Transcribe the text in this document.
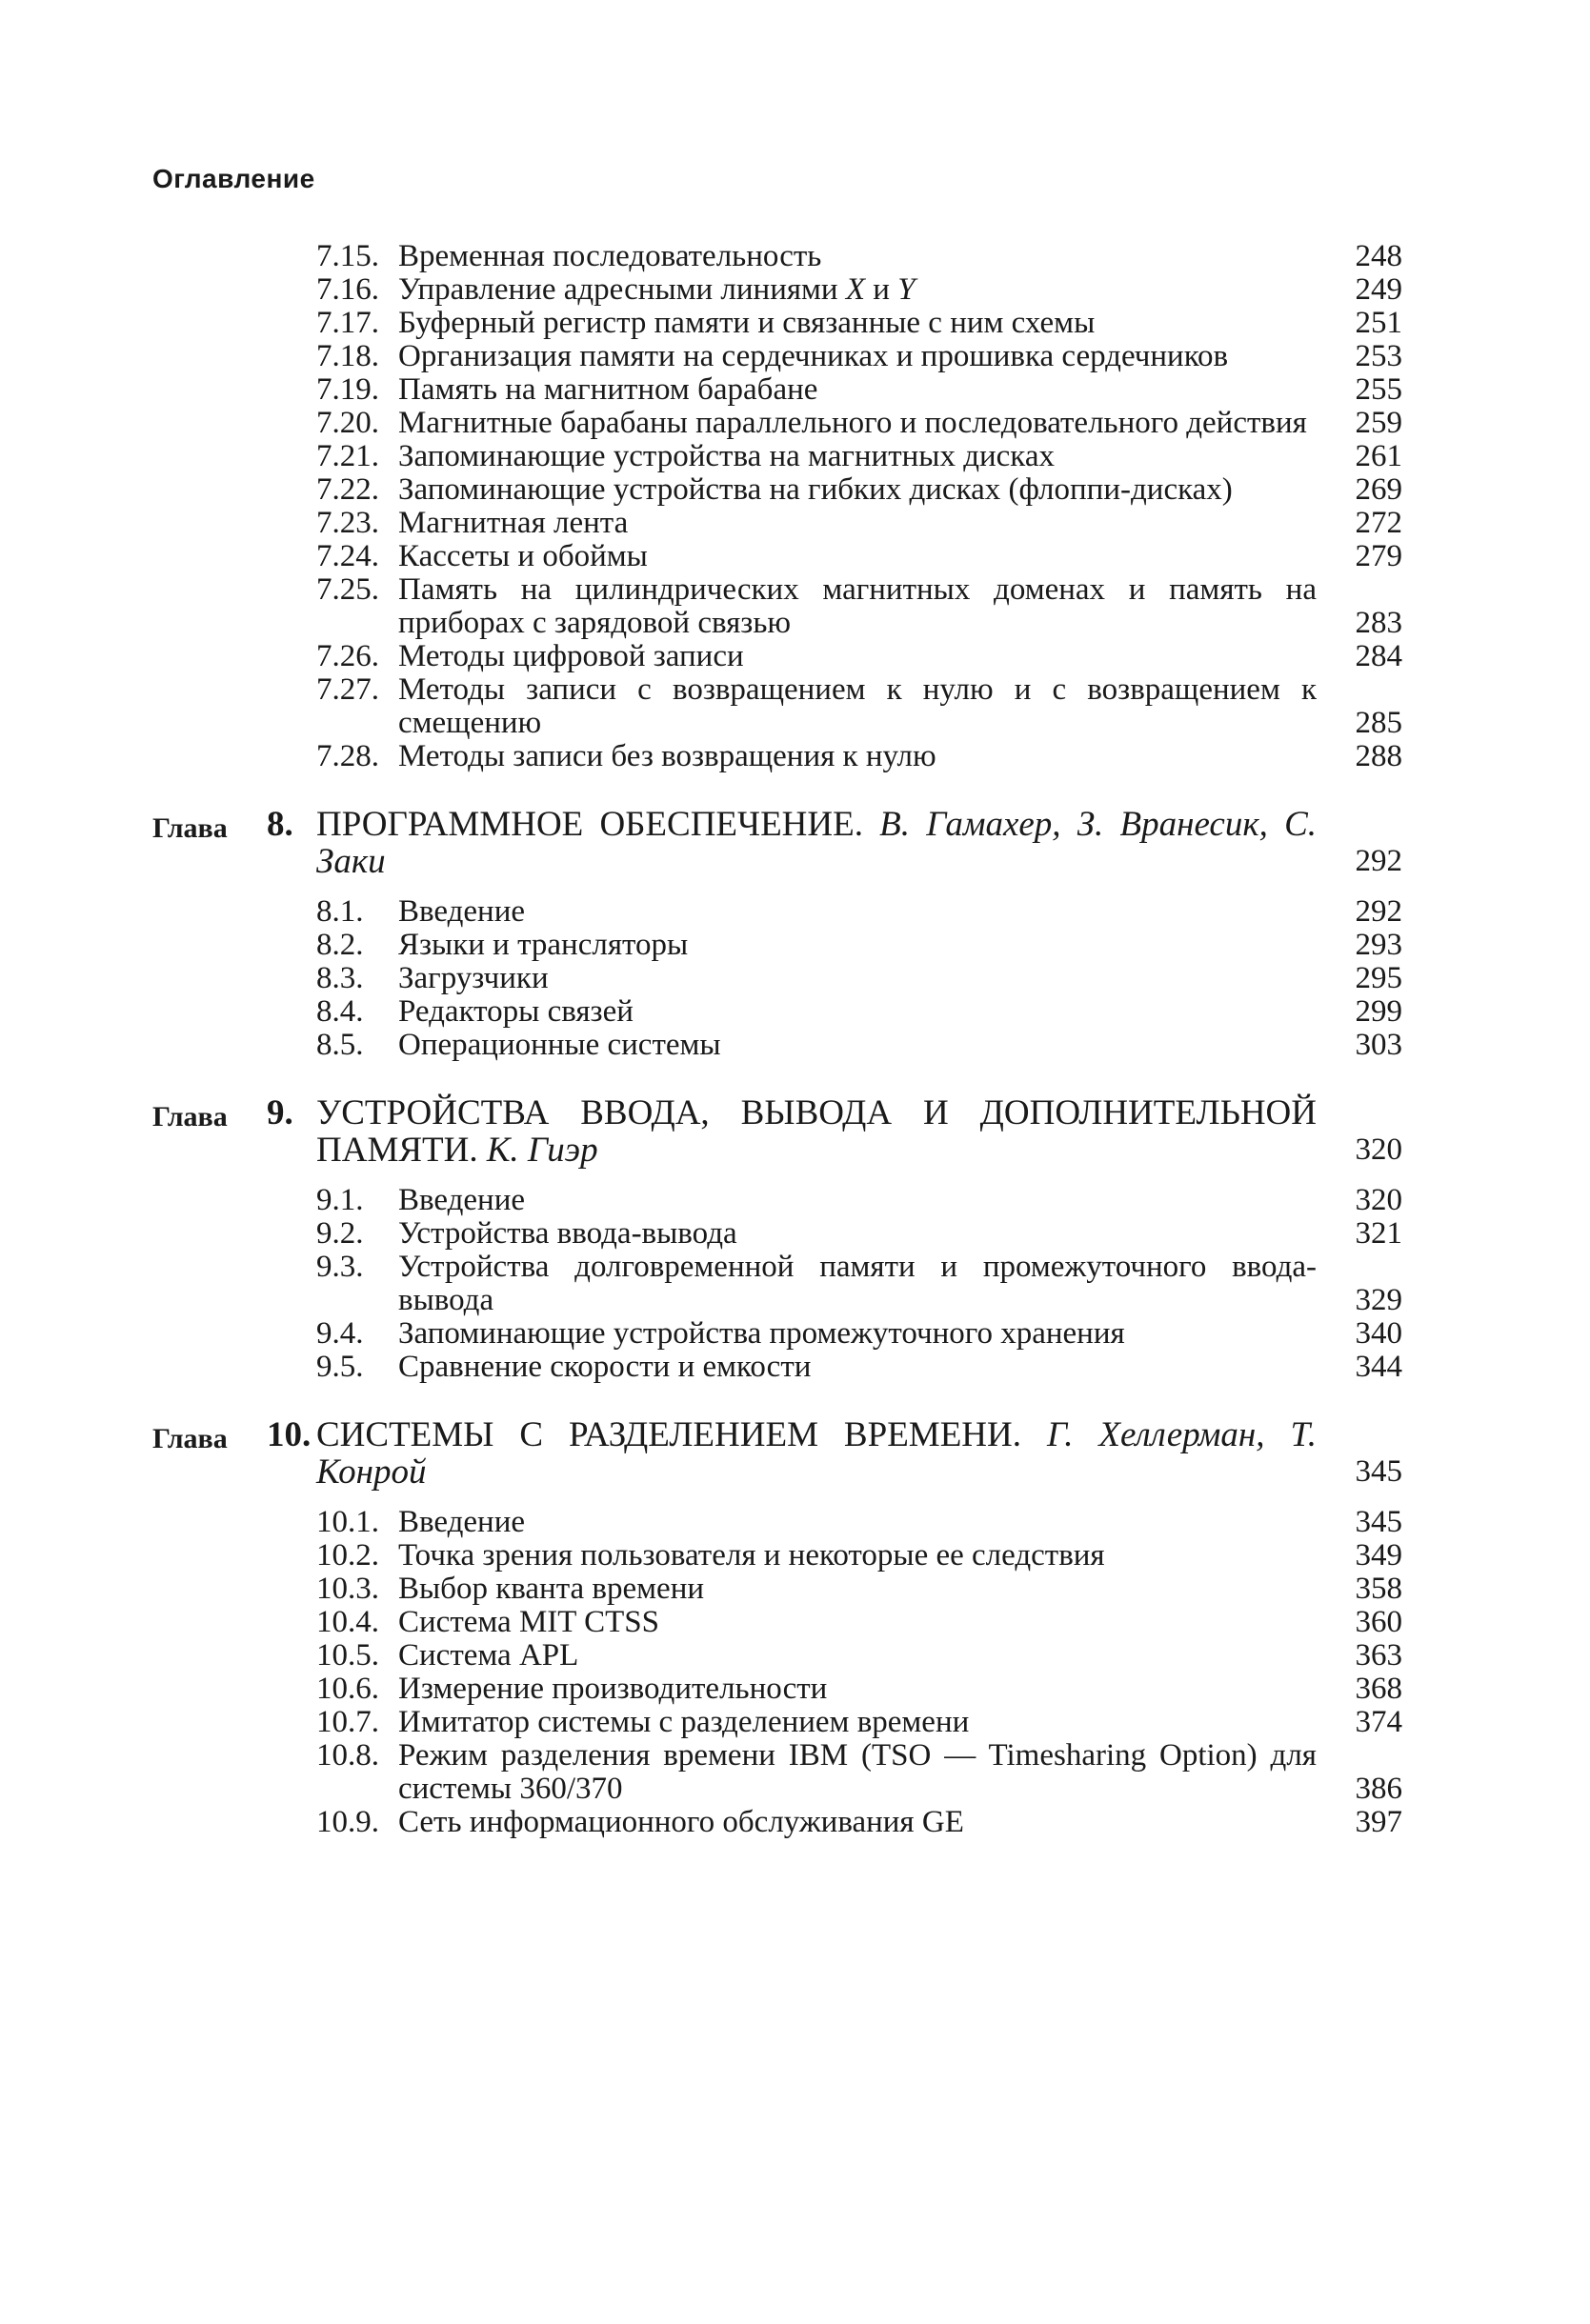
Оглавление
7.15. Временная последовательность	248
7.16. Управление адресными линиями X и Y	249
7.17. Буферный регистр памяти и связанные с ним схемы	251
7.18. Организация памяти на сердечниках и прошивка сердечников	253
7.19. Память на магнитном барабане	255
7.20. Магнитные барабаны параллельного и последовательного действия	259
7.21. Запоминающие устройства на магнитных дисках	261
7.22. Запоминающие устройства на гибких дисках (флоппи-дисках)	269
7.23. Магнитная лента	272
7.24. Кассеты и обоймы	279
7.25. Память на цилиндрических магнитных доменах и память на приборах с зарядовой связью	283
7.26. Методы цифровой записи	284
7.27. Методы записи с возвращением к нулю и с возвращением к смещению	285
7.28. Методы записи без возвращения к нулю	288
Глава 8. ПРОГРАММНОЕ ОБЕСПЕЧЕНИЕ. В. Гамахер, З. Вранесик, С. Заки	292
8.1. Введение	292
8.2. Языки и трансляторы	293
8.3. Загрузчики	295
8.4. Редакторы связей	299
8.5. Операционные системы	303
Глава 9. УСТРОЙСТВА ВВОДА, ВЫВОДА И ДОПОЛНИТЕЛЬНОЙ ПАМЯТИ. К. Гиэр	320
9.1. Введение	320
9.2. Устройства ввода-вывода	321
9.3. Устройства долговременной памяти и промежуточного ввода-вывода	329
9.4. Запоминающие устройства промежуточного хранения	340
9.5. Сравнение скорости и емкости	344
Глава 10. СИСТЕМЫ С РАЗДЕЛЕНИЕМ ВРЕМЕНИ. Г. Хеллерман, Т. Конрой	345
10.1. Введение	345
10.2. Точка зрения пользователя и некоторые ее следствия	349
10.3. Выбор кванта времени	358
10.4. Система MIT CTSS	360
10.5. Система APL	363
10.6. Измерение производительности	368
10.7. Имитатор системы с разделением времени	374
10.8. Режим разделения времени IBM (TSO — Timesharing Option) для системы 360/370	386
10.9. Сеть информационного обслуживания GE	397
